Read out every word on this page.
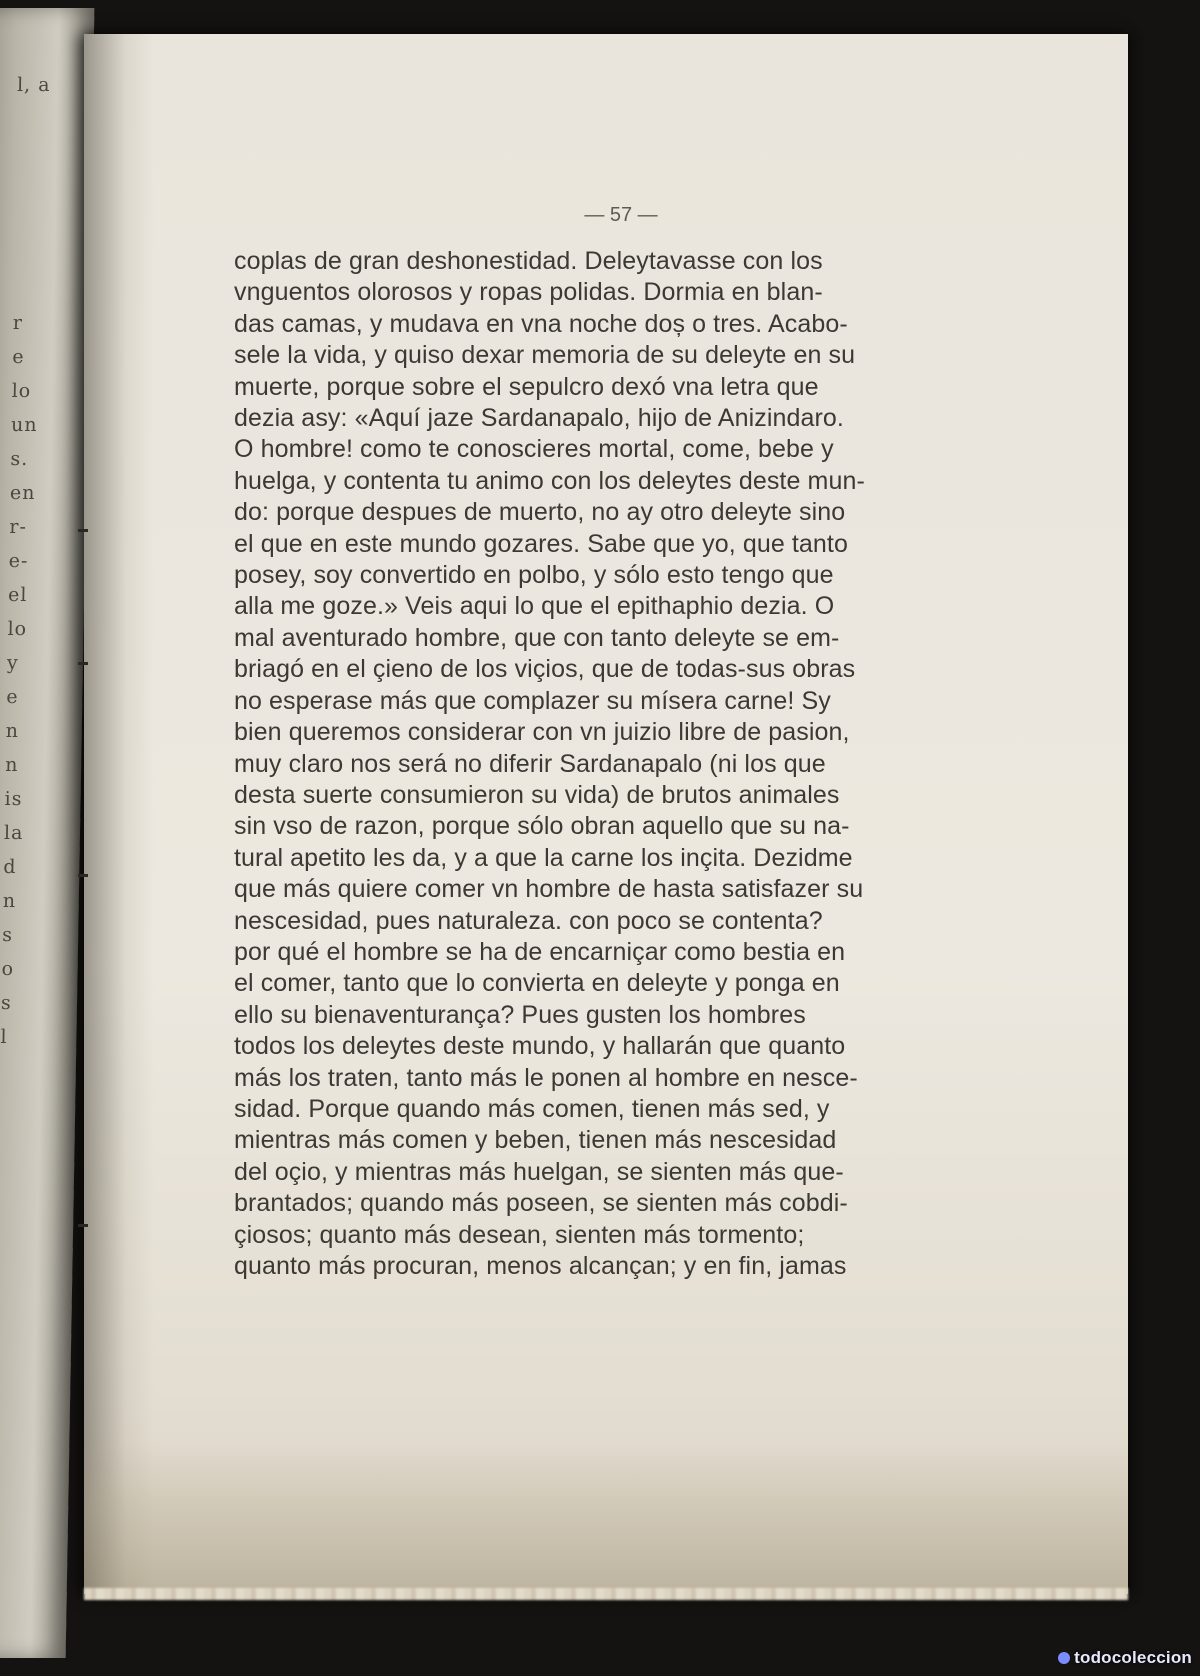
l, a

r
e
lo
un
s.
en
r-
e-
el
lo
y
e
n
n
is
la
d
n
s
o
s
l
— 57 —
coplas de gran deshonestidad. Deleytavasse con los
vnguentos olorosos y ropas polidas. Dormia en blan-
das camas, y mudava en vna noche doș o tres. Acabo-
sele la vida, y quiso dexar memoria de su deleyte en su
muerte, porque sobre el sepulcro dexó vna letra que
dezia asy: «Aquí jaze Sardanapalo, hijo de Anizindaro.
O hombre! como te conoscieres mortal, come, bebe y
huelga, y contenta tu animo con los deleytes deste mun-
do: porque despues de muerto, no ay otro deleyte sino
el que en este mundo gozares. Sabe que yo, que tanto
posey, soy convertido en polbo, y sólo esto tengo que
alla me goze.» Veis aqui lo que el epithaphio dezia. O
mal aventurado hombre, que con tanto deleyte se em-
briagó en el çieno de los viçios, que de todas-sus obras
no esperase más que complazer su mísera carne! Sy
bien queremos considerar con vn juizio libre de pasion,
muy claro nos será no diferir Sardanapalo (ni los que
desta suerte consumieron su vida) de brutos animales
sin vso de razon, porque sólo obran aquello que su na-
tural apetito les da, y a que la carne los inçita. Dezidme
que más quiere comer vn hombre de hasta satisfazer su
nescesidad, pues naturaleza. con poco se contenta?
por qué el hombre se ha de encarniçar como bestia en
el comer, tanto que lo convierta en deleyte y ponga en
ello su bienaventurança? Pues gusten los hombres
todos los deleytes deste mundo, y hallarán que quanto
más los traten, tanto más le ponen al hombre en nesce-
sidad. Porque quando más comen, tienen más sed, y
mientras más comen y beben, tienen más nescesidad
del oçio, y mientras más huelgan, se sienten más que-
brantados; quando más poseen, se sienten más cobdi-
çiosos; quanto más desean, sienten más tormento;
quanto más procuran, menos alcançan; y en fin, jamas
todocoleccion
